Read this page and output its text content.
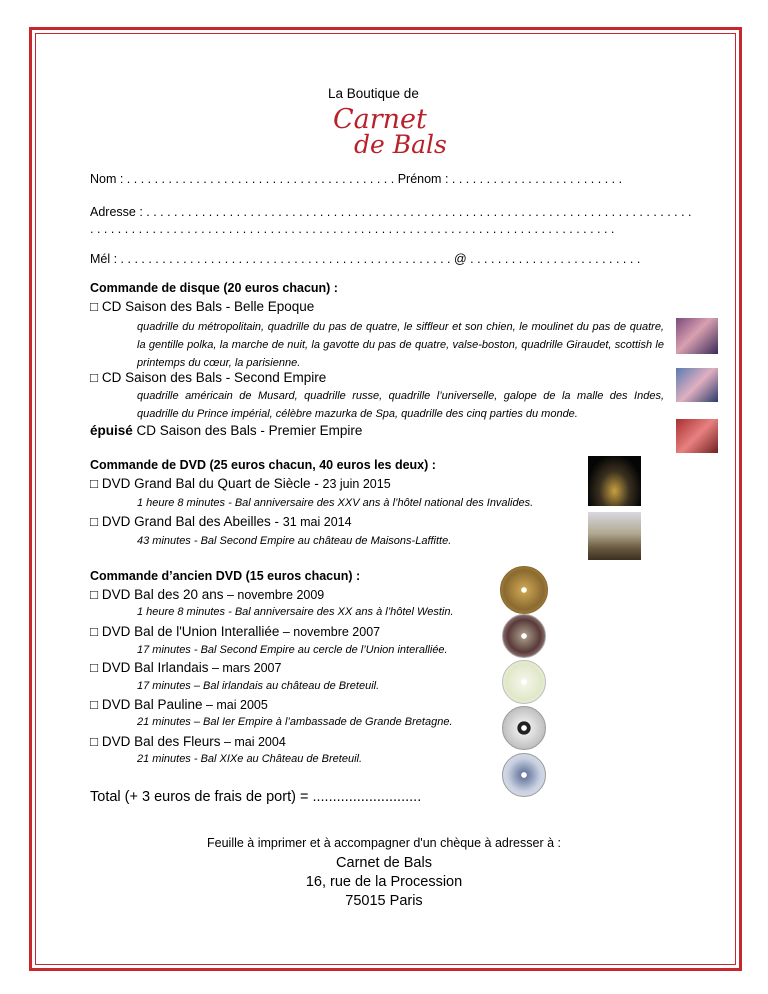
La Boutique de
Carnet
de Bals
Nom : . . . . . . . . . . . . . . . . . . . . . . . . . . . . . . . . . . . . . . . Prénom : . . . . . . . . . . . . . . . . . . . . . . . . .
Adresse : . . . . . . . . . . . . . . . . . . . . . . . . . . . . . . . . . . . . . . . . . . . . . . . . . . . . . . . . . . . . . . . . . . . . . . . . . . . . . . .
. . . . . . . . . . . . . . . . . . . . . . . . . . . . . . . . . . . . . . . . . . . . . . . . . . . . . . . . . . . . . . . . . . . . . . . . . . . .
Mél : . . . . . . . . . . . . . . . . . . . . . . . . . . . . . . . . . . . . . . . . . . . . . . . . @ . . . . . . . . . . . . . . . . . . . . . . . . .
Commande de disque (20 euros chacun) :
□ CD Saison des Bals - Belle Epoque
quadrille du métropolitain, quadrille du pas de quatre, le siffleur et son chien, le moulinet du pas de quatre, la gentille polka, la marche de nuit, la gavotte du pas de quatre, valse-boston, quadrille Giraudet, scottish le printemps du cœur, la parisienne.
□ CD Saison des Bals - Second Empire
quadrille américain de Musard, quadrille russe, quadrille l’universelle, galope de la malle des Indes, quadrille du Prince impérial, célèbre mazurka de Spa, quadrille des cinq parties du monde.
épuisé CD Saison des Bals - Premier Empire
Commande de DVD (25 euros chacun, 40 euros les deux) :
□ DVD Grand Bal du Quart de Siècle - 23 juin 2015
1 heure 8 minutes - Bal anniversaire des XXV ans à l’hôtel national des Invalides.
□ DVD Grand Bal des Abeilles - 31 mai 2014
43 minutes - Bal Second Empire au château de Maisons-Laffitte.
Commande d’ancien DVD (15 euros chacun) :
□ DVD Bal des 20 ans – novembre 2009
1 heure 8 minutes - Bal anniversaire des XX ans à l’hôtel Westin.
□ DVD Bal de l'Union Interalliée – novembre 2007
17 minutes - Bal Second Empire au cercle de l’Union interalliée.
□ DVD Bal Irlandais – mars 2007
17 minutes – Bal irlandais au château de Breteuil.
□ DVD Bal Pauline – mai 2005
21 minutes – Bal Ier Empire à l’ambassade de Grande Bretagne.
□ DVD Bal des Fleurs – mai 2004
21 minutes - Bal XIXe au Château de Breteuil.
Total (+ 3 euros de frais de port) = ...........................
Feuille à imprimer et à accompagner d'un chèque à adresser à :
Carnet de Bals
16, rue de la Procession
75015 Paris
